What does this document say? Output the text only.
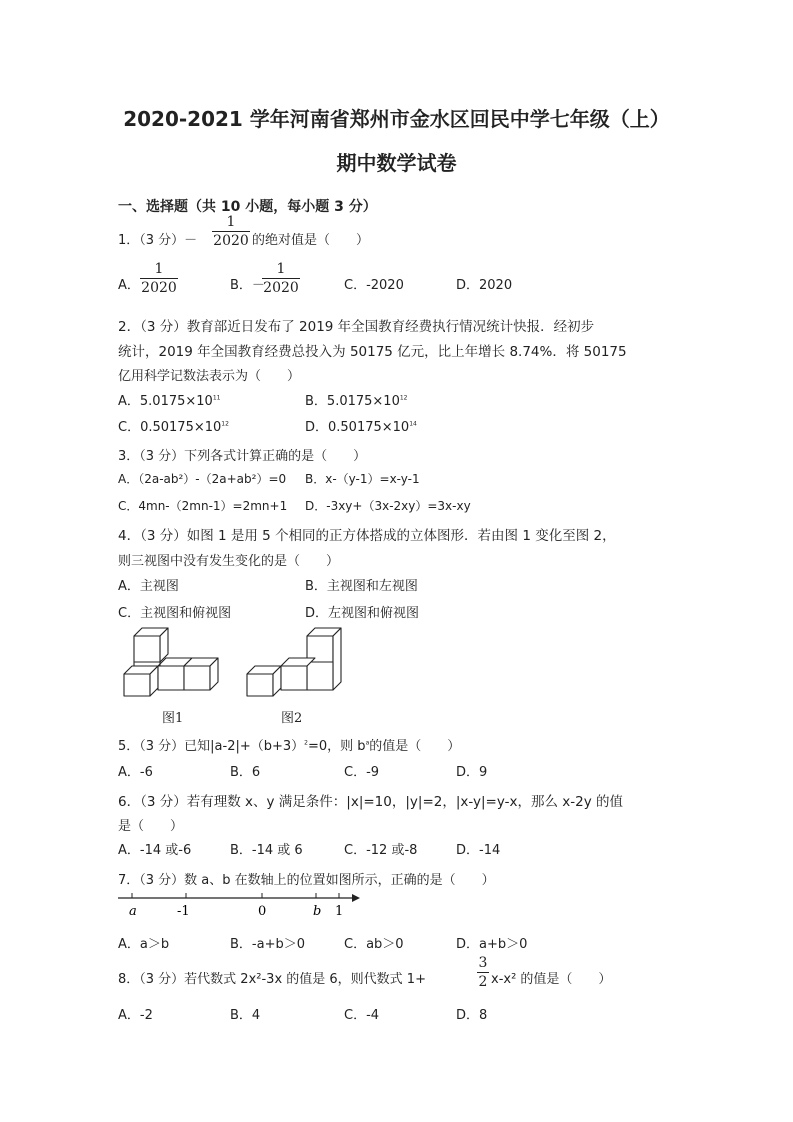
2020-2021 学年河南省郑州市金水区回民中学七年级（上）
期中数学试卷
一、选择题（共 10 小题，每小题 3 分）
1．（3 分）－
1
2020 的绝对值是（　　）
A．
1
2020	B．－
1
2020	C．-2020	D．2020
2．（3 分）教育部近日发布了 2019 年全国教育经费执行情况统计快报．经初步
统计，2019 年全国教育经费总投入为 50175 亿元，比上年增长 8.74%．将 50175
亿用科学记数法表示为（　　）
A．$5.0175\times 10^{11}$	B．$5.0175\times 10^{12}$
C．$0.50175\times 10^{12}$	D．$0.50175\times 10^{14}$
3．（3 分）下列各式计算正确的是（　　）
A．（2a-ab²）-（2a+ab²）=0 B．x-（y-1）=x-y-1
C．4mn-（2mn-1）=2mn+1 D．-3xy+（3x-2xy）=3x-xy
4．（3 分）如图 1 是用 5 个相同的正方体搭成的立体图形．若由图 1 变化至图 2，
则三视图中没有发生变化的是（　　）
A．主视图	B．主视图和左视图
C．主视图和俯视图	D．左视图和俯视图
图1	图2
5．（3 分）已知$|a-2|+(b+3)^2=0$，则 $b^a$的值是（　　）
A．-6	B．6	C．-9	D．9
6．（3 分）若有理数 x、y 满足条件：|x|=10，|y|=2，|x-y|=y-x，那么 x-2y 的值
是（　　）
A．-14 或-6	B．-14 或 6	C．-12 或-8	D．-14
7．（3 分）数 a、b 在数轴上的位置如图所示，正确的是（　　）
a	-1	0	b 1
A．a＞b	B．-a+b＞0	C．ab＞0	D．a+b＞0
8．（3 分）若代数式 2x²-3x 的值是 6，则代数式 1+
3
2 x-x² 的值是（　　）
A．-2	B．4	C．-4	D．8
